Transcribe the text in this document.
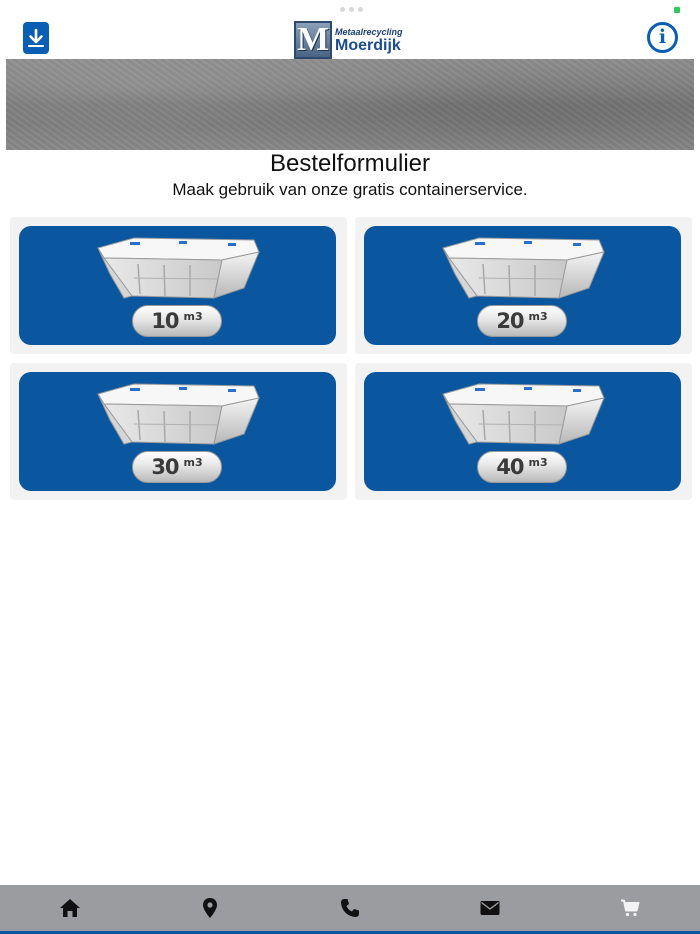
M Metaalrecycling
Moerdijk	i
Bestelformulier
Maak gebruik van onze gratis containerservice.
10 m3	20 m3
30 m3	40 m3
